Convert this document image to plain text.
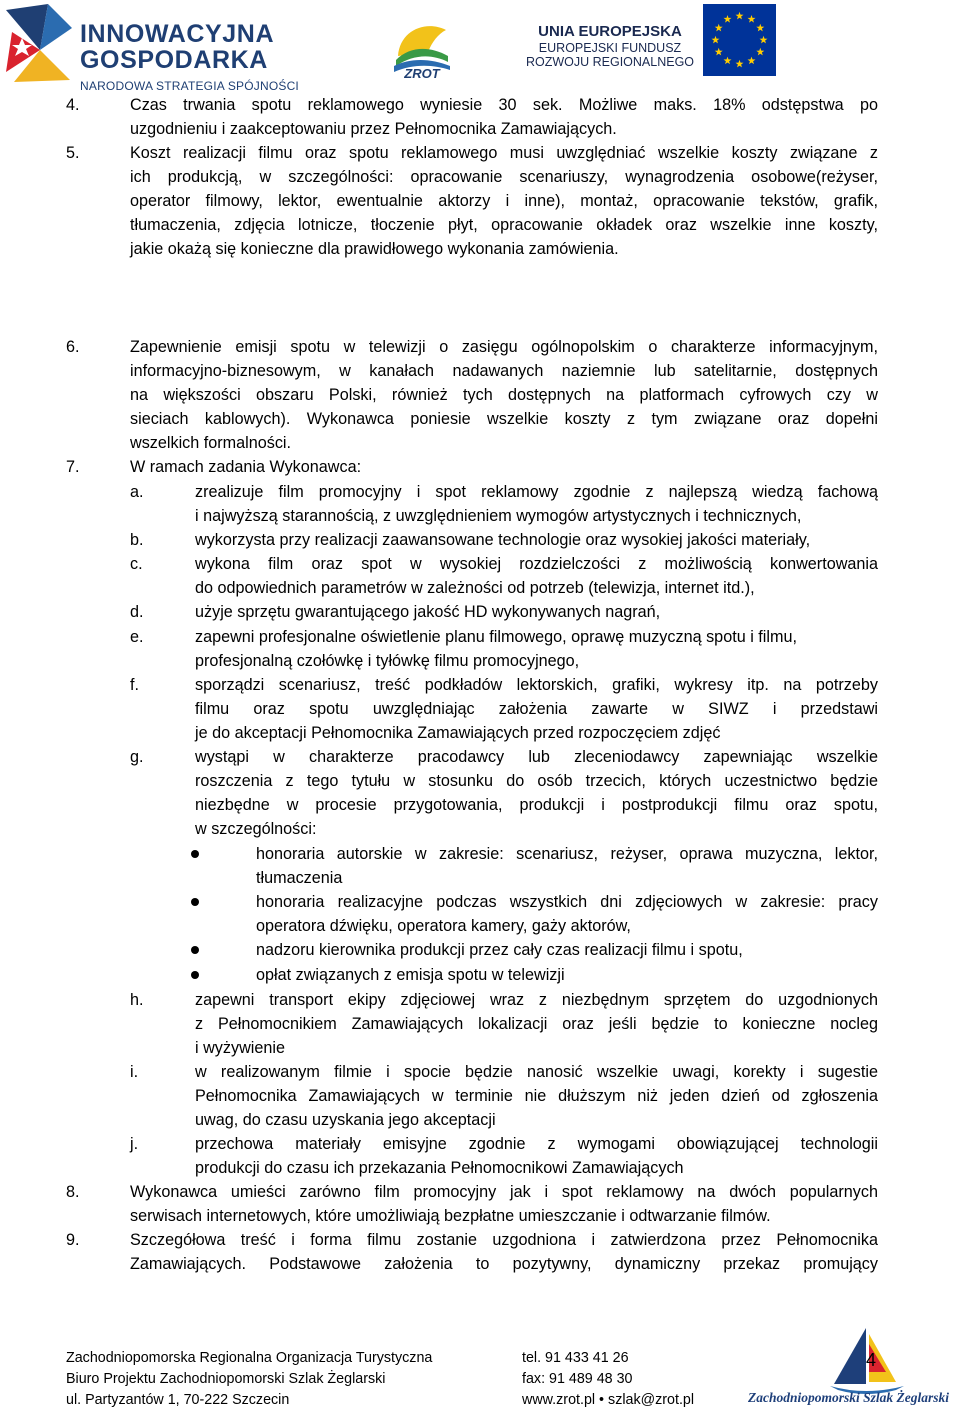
INNOWACYJNA
GOSPODARKA
NARODOWA STRATEGIA SPÓJNOŚCI
ZROT
UNIA EUROPEJSKA
EUROPEJSKI FUNDUSZ
ROZWOJU REGIONALNEGO
4.	Czas trwania spotu reklamowego wyniesie 30 sek. Możliwe maks. 18% odstępstwa po
uzgodnieniu i zaakceptowaniu przez Pełnomocnika Zamawiających.
5.	Koszt realizacji filmu oraz spotu reklamowego musi uwzględniać wszelkie koszty związane z
ich produkcją, w szczególności: opracowanie scenariuszy, wynagrodzenia osobowe(reżyser,
operator filmowy, lektor, ewentualnie aktorzy i inne), montaż, opracowanie tekstów, grafik,
tłumaczenia, zdjęcia lotnicze, tłoczenie płyt, opracowanie okładek oraz wszelkie inne koszty,
jakie okażą się konieczne dla prawidłowego wykonania zamówienia.
6.	Zapewnienie emisji spotu w telewizji o zasięgu ogólnopolskim o charakterze informacyjnym,
informacyjno-biznesowym, w kanałach nadawanych naziemnie lub satelitarnie, dostępnych
na większości obszaru Polski, również tych dostępnych na platformach cyfrowych czy w
sieciach kablowych). Wykonawca poniesie wszelkie koszty z tym związane oraz dopełni
wszelkich formalności.
7.	W ramach zadania Wykonawca:
a.	zrealizuje film promocyjny i spot reklamowy zgodnie z najlepszą wiedzą fachową
i najwyższą starannością, z uwzględnieniem wymogów artystycznych i technicznych,
b.	wykorzysta przy realizacji zaawansowane technologie oraz wysokiej jakości materiały,
c.	wykona film oraz spot w wysokiej rozdzielczości z możliwością konwertowania
do odpowiednich parametrów w zależności od potrzeb (telewizja, internet itd.),
d.	użyje sprzętu gwarantującego jakość HD wykonywanych nagrań,
e.	zapewni profesjonalne oświetlenie planu filmowego, oprawę muzyczną spotu i filmu,
profesjonalną czołówkę i tyłówkę filmu promocyjnego,
f.	sporządzi scenariusz, treść podkładów lektorskich, grafiki, wykresy itp. na potrzeby
filmu oraz spotu uwzględniając założenia zawarte w SIWZ i przedstawi
je do akceptacji Pełnomocnika Zamawiających przed rozpoczęciem zdjęć
g.	wystąpi w charakterze pracodawcy lub zleceniodawcy zapewniając wszelkie
roszczenia z tego tytułu w stosunku do osób trzecich, których uczestnictwo będzie
niezbędne w procesie przygotowania, produkcji i postprodukcji filmu oraz spotu,
w szczególności:
honoraria autorskie w zakresie: scenariusz, reżyser, oprawa muzyczna, lektor,
tłumaczenia
honoraria realizacyjne podczas wszystkich dni zdjęciowych w zakresie: pracy
operatora dźwięku, operatora kamery, gaży aktorów,
nadzoru kierownika produkcji przez cały czas realizacji filmu i spotu,
opłat związanych z emisja spotu w telewizji
h.	zapewni transport ekipy zdjęciowej wraz z niezbędnym sprzętem do uzgodnionych
z Pełnomocnikiem Zamawiających lokalizacji oraz jeśli będzie to konieczne nocleg
i wyżywienie
i.	w realizowanym filmie i spocie będzie nanosić wszelkie uwagi, korekty i sugestie
Pełnomocnika Zamawiających w terminie nie dłuższym niż jeden dzień od zgłoszenia
uwag, do czasu uzyskania jego akceptacji
j.	przechowa materiały emisyjne zgodnie z wymogami obowiązującej technologii
produkcji do czasu ich przekazania Pełnomocnikowi Zamawiających
8.	Wykonawca umieści zarówno film promocyjny jak i spot reklamowy na dwóch popularnych
serwisach internetowych, które umożliwiają bezpłatne umieszczanie i odtwarzanie filmów.
9.	Szczegółowa treść i forma filmu zostanie uzgodniona i zatwierdzona przez Pełnomocnika
Zamawiających. Podstawowe założenia to pozytywny, dynamiczny przekaz promujący
Zachodniopomorska Regionalna Organizacja Turystyczna
Biuro Projektu Zachodniopomorski Szlak Żeglarski
ul. Partyzantów 1, 70-222 Szczecin
tel. 91 433 41 26
fax: 91 489 48 30
www.zrot.pl • szlak@zrot.pl	Zachodniopomorski Szlak Żeglarski
4
